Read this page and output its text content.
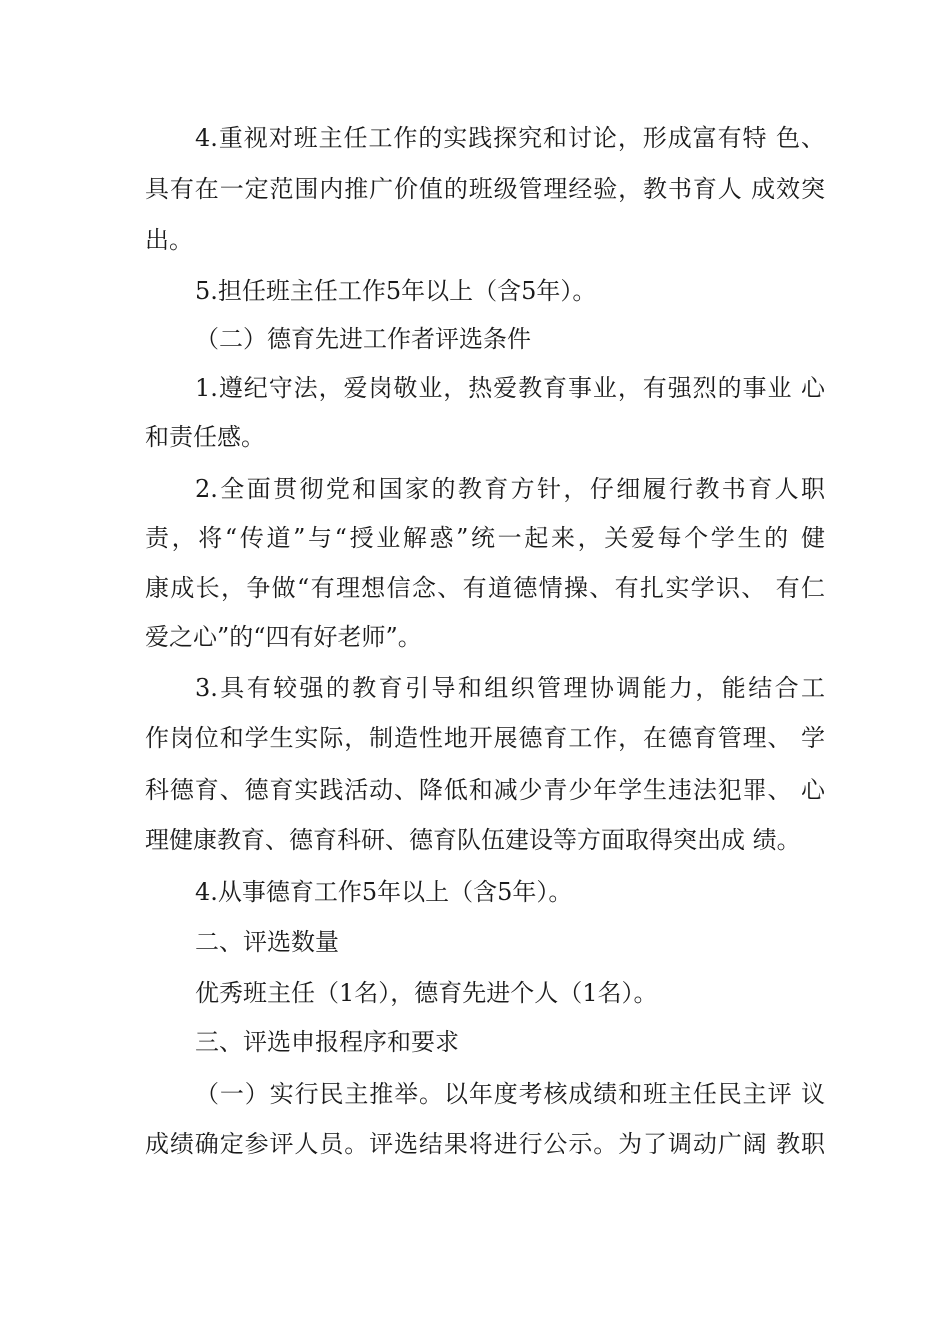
4.重视对班主任工作的实践探究和讨论，形成富有特 色、
具有在一定范围内推广价值的班级管理经验，教书育人 成效突
出。
5.担任班主任工作5年以上（含5年）。
（二）德育先进工作者评选条件
1.遵纪守法，爱岗敬业，热爱教育事业，有强烈的事业 心
和责任感。
2.全面贯彻党和国家的教育方针，仔细履行教书育人职
责，将“传道”与“授业解惑”统一起来，关爱每个学生的 健
康成长，争做“有理想信念、有道德情操、有扎实学识、 有仁
爱之心”的“四有好老师”。
3.具有较强的教育引导和组织管理协调能力，能结合工
作岗位和学生实际，制造性地开展德育工作，在德育管理、 学
科德育、德育实践活动、降低和减少青少年学生违法犯罪、 心
理健康教育、德育科研、德育队伍建设等方面取得突出成 绩。
4.从事德育工作5年以上（含5年）。
二、评选数量
优秀班主任（1名），德育先进个人（1名）。
三、评选申报程序和要求
（一）实行民主推举。以年度考核成绩和班主任民主评 议
成绩确定参评人员。评选结果将进行公示。为了调动广阔 教职
